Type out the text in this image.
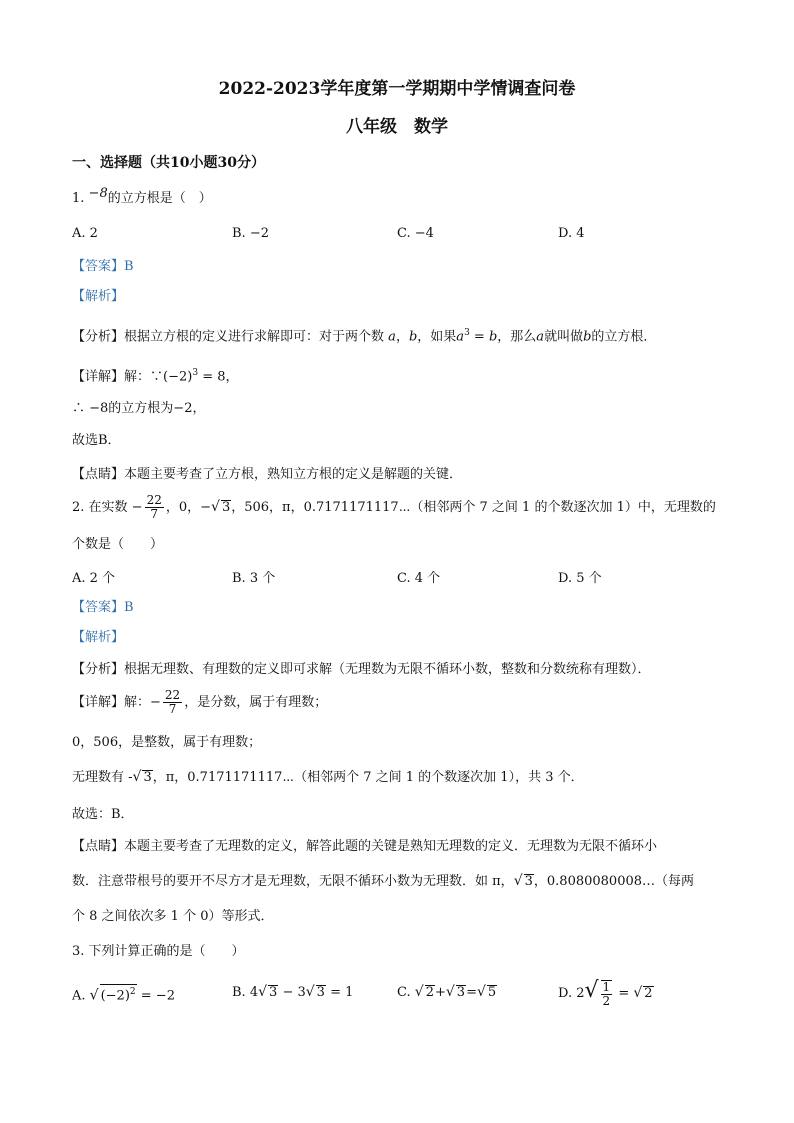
2022-2023学年度第一学期期中学情调查问卷
八年级　数学
一、选择题（共10小题30分）
1. −8的立方根是（　）
A. 2	B. −2	C. −4	D. 4
【答案】B
【解析】
【分析】根据立方根的定义进行求解即可：对于两个数 a，b，如果$a^3 = b$，那么a就叫做b的立方根．
【详解】解：$\because(-2)^3 = 8$，
∴ −8的立方根为−2，
故选B．
【点睛】本题主要考查了立方根，熟知立方根的定义是解题的关键．
2. 在实数 − $\frac{22}{7}$ ，0，−√ 3，506，π，0.7171171117⋯（相邻两个 7 之间 1 的个数逐次加 1）中，无理数的
个数是（　　）
A. 2 个	B. 3 个	C. 4 个	D. 5 个
【答案】B
【解析】
【分析】根据无理数、有理数的定义即可求解（无理数为无限不循环小数，整数和分数统称有理数）．
【详解】解：− $\frac{22}{7}$ ，是分数，属于有理数；
0，506，是整数，属于有理数；
无理数有 -√ 3，π，0.7171171117⋯（相邻两个 7 之间 1 的个数逐次加 1），共 3 个．
故选：B．
【点睛】本题主要考查了无理数的定义，解答此题的关键是熟知无理数的定义．无理数为无限不循环小
数．注意带根号的要开不尽方才是无理数，无限不循环小数为无理数．如 π，√ 3，0.8080080008…（每两
个 8 之间依次多 1 个 0）等形式．
3. 下列计算正确的是（　　）
A. √ $(-2)^2 = -2$	B. 4√ 3 − 3√ 3 = 1	C. √ 2+√ 3=√ 5	D. $2√ \frac{1}{2}$ = √ 2
